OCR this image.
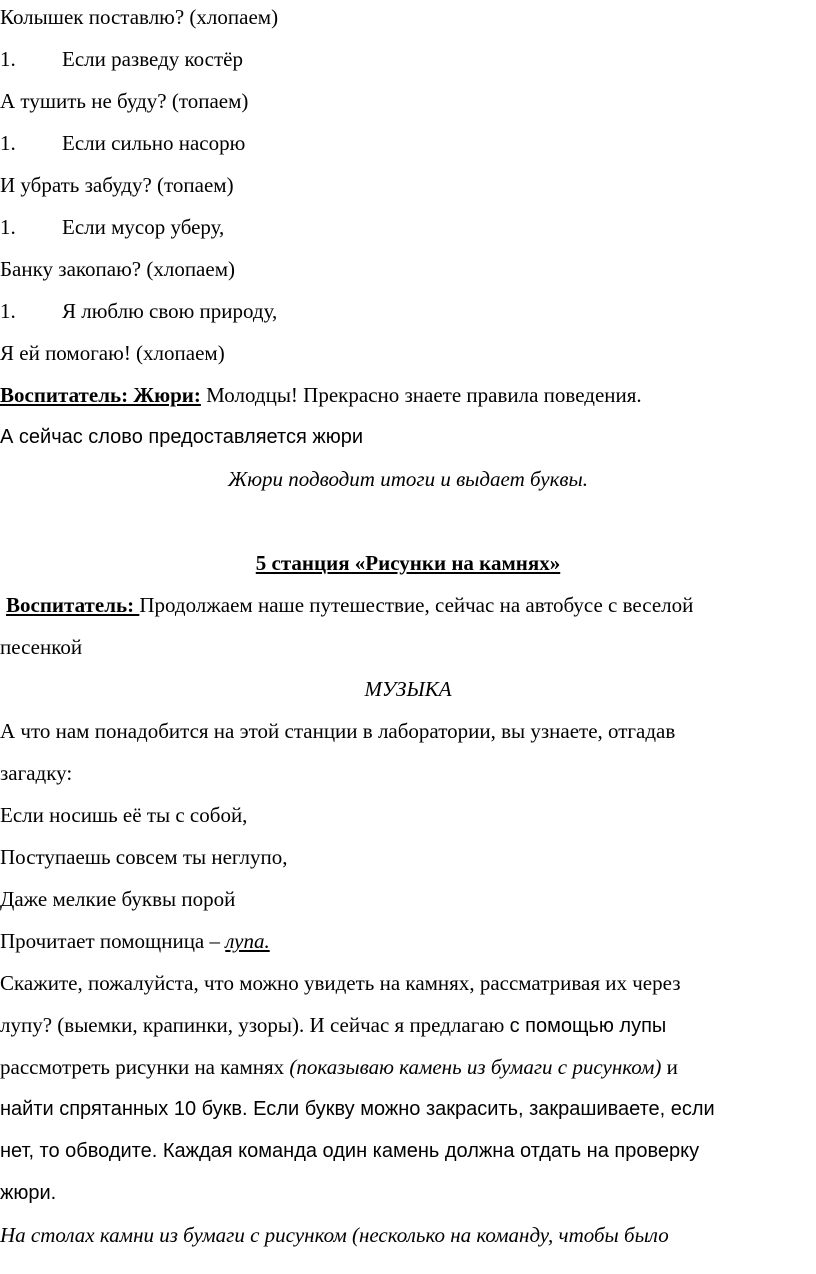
Колышек поставлю? (хлопаем)
1. Если разведу костёр
А тушить не буду? (топаем)
1. Если сильно насорю
И убрать забуду? (топаем)
1. Если мусор уберу,
Банку закопаю? (хлопаем)
1. Я люблю свою природу,
Я ей помогаю! (хлопаем)
Воспитатель: Жюри: Молодцы! Прекрасно знаете правила поведения.
А сейчас слово предоставляется жюри
Жюри подводит итоги и выдает буквы.
5 станция «Рисунки на камнях»
Воспитатель: Продолжаем наше путешествие, сейчас на автобусе с веселой
песенкой
МУЗЫКА
А что нам понадобится на этой станции в лаборатории, вы узнаете, отгадав
загадку:
Если носишь её ты с собой,
Поступаешь совсем ты неглупо,
Даже мелкие буквы порой
Прочитает помощница – лупа.
Скажите, пожалуйста, что можно увидеть на камнях, рассматривая их через
лупу? (выемки, крапинки, узоры). И сейчас я предлагаю с помощью лупы
рассмотреть рисунки на камнях (показываю камень из бумаги с рисунком) и
найти спрятанных 10 букв. Если букву можно закрасить, закрашиваете, если
нет, то обводите. Каждая команда один камень должна отдать на проверку
жюри.
На столах камни из бумаги с рисунком (несколько на команду, чтобы было
